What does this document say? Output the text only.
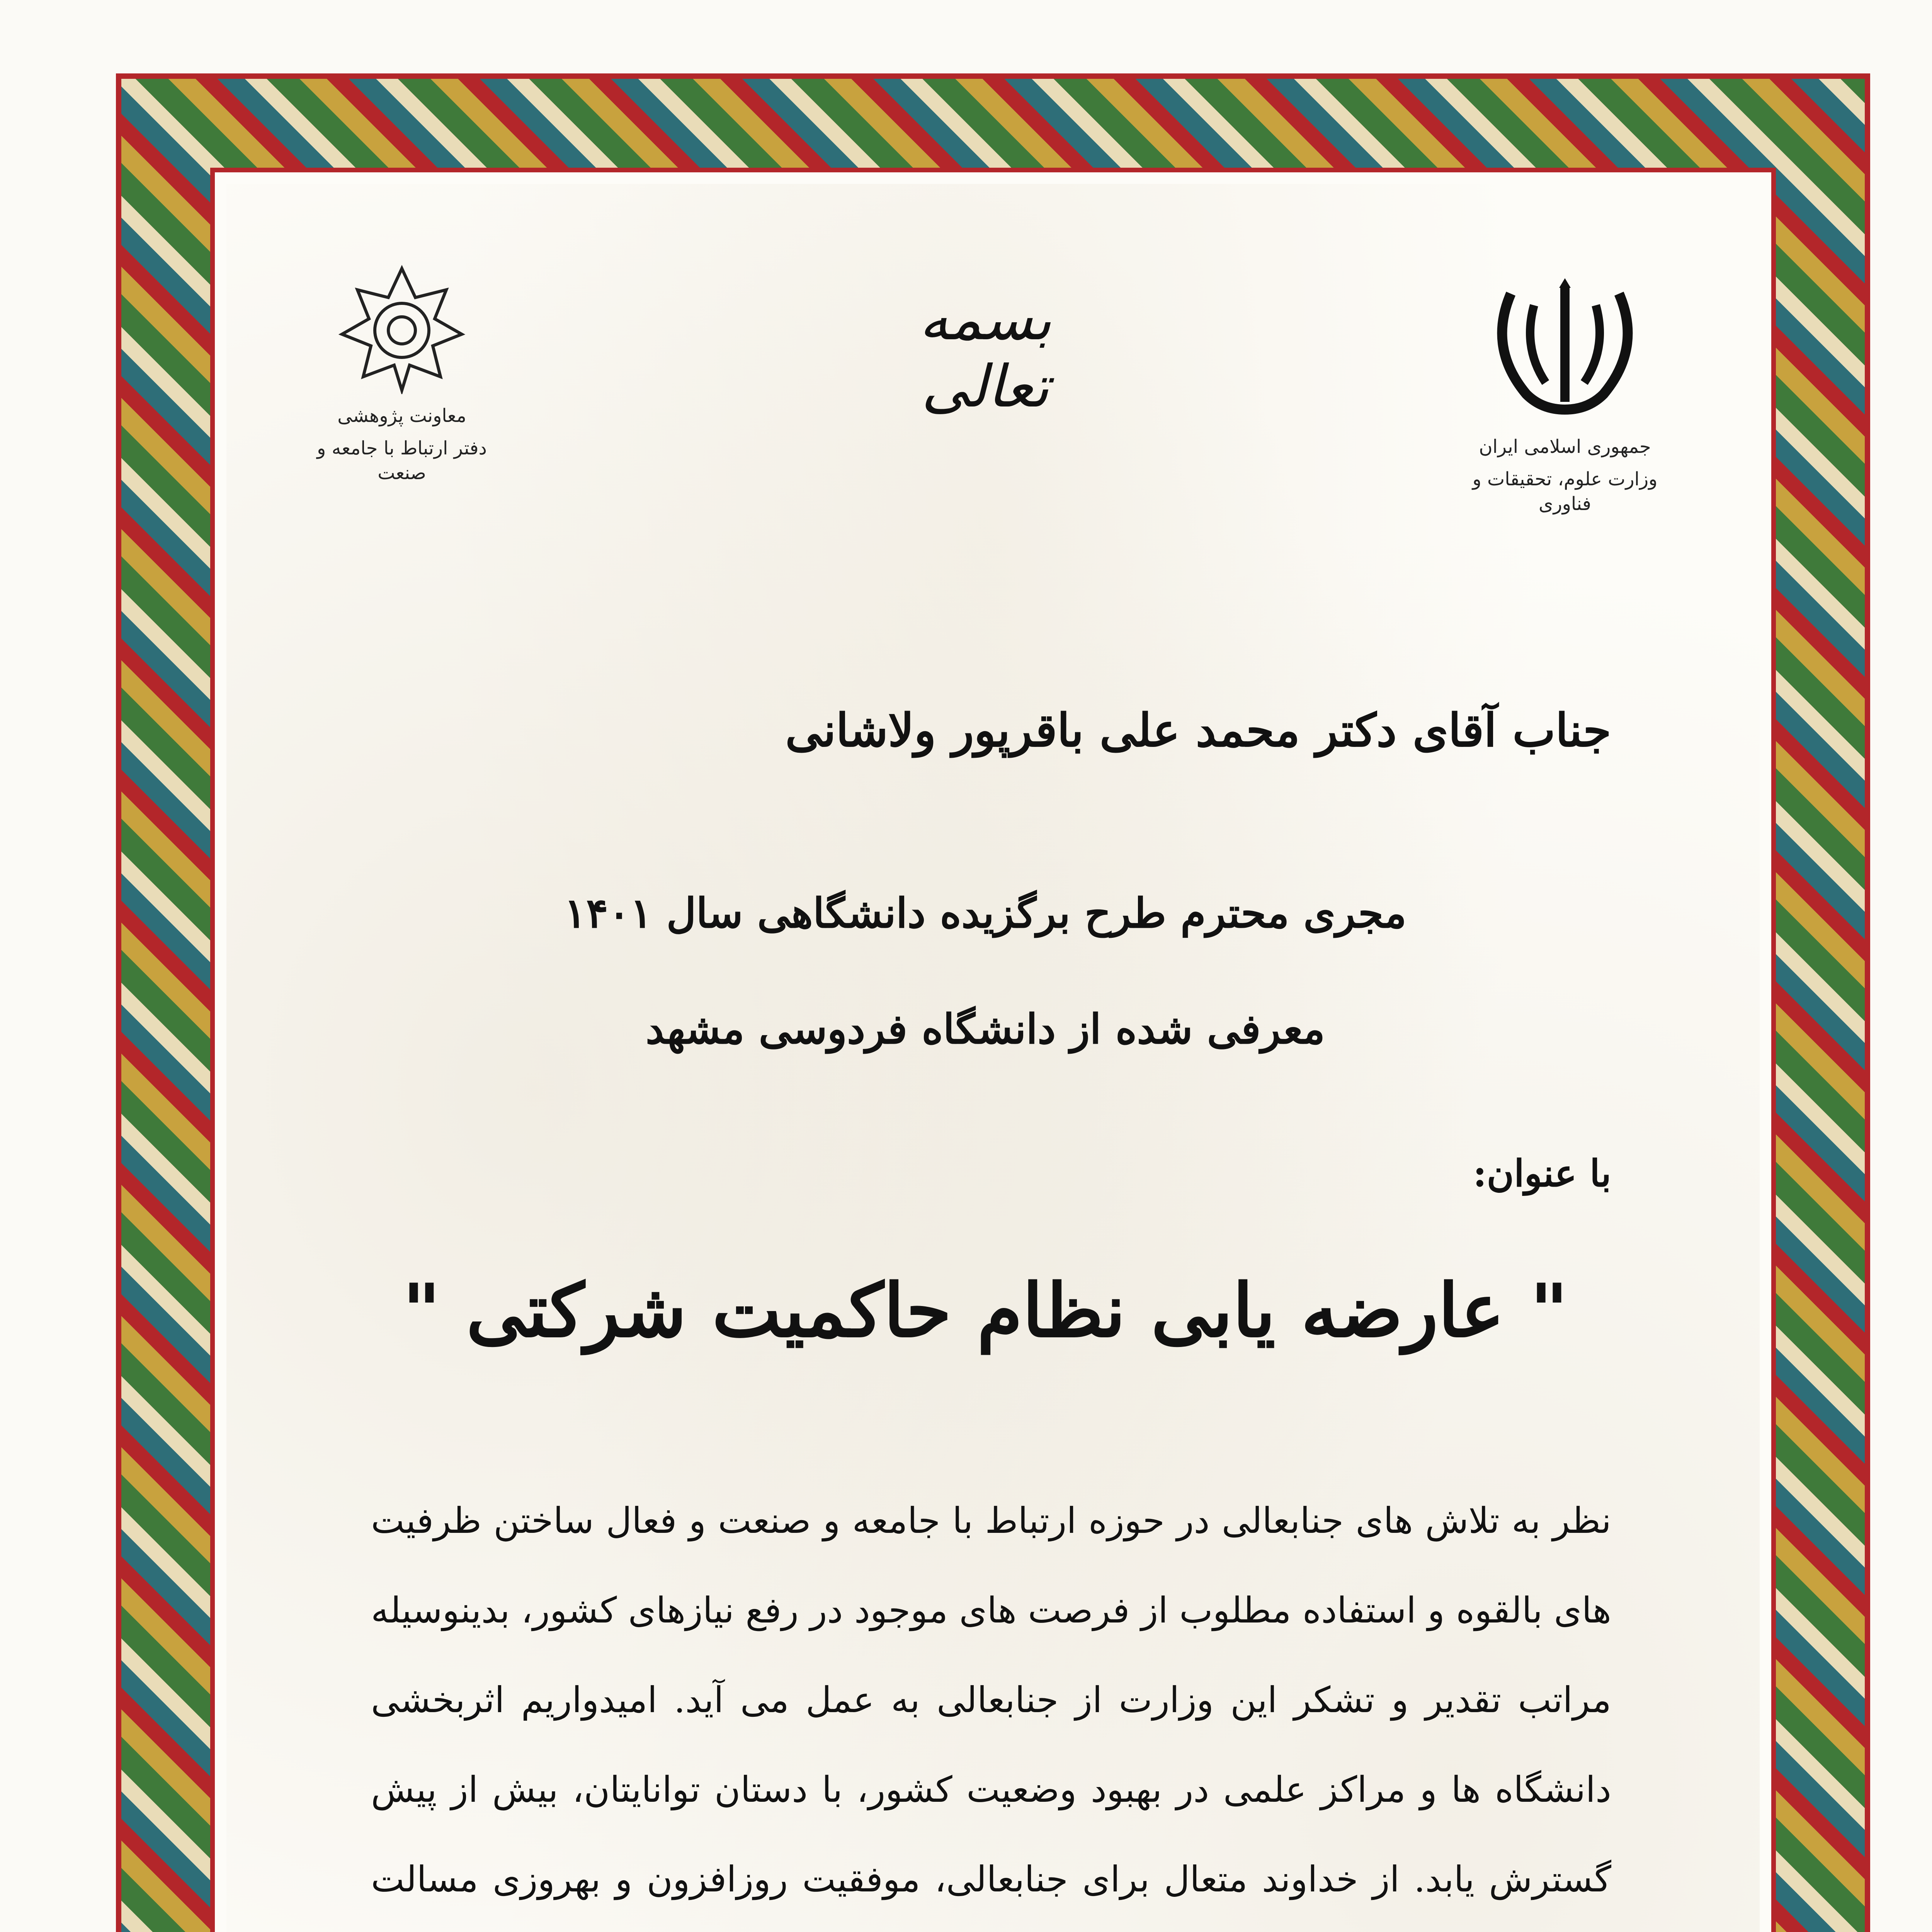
جمهوری اسلامی ایران
وزارت علوم، تحقیقات و فناوری
معاونت پژوهشی
دفتر ارتباط با جامعه و صنعت
بسمه تعالی
جناب آقای دکتر محمد علی باقرپور ولاشانی
مجری محترم طرح برگزیده دانشگاهی سال ۱۴۰۱
معرفی شده از دانشگاه فردوسی مشهد
با عنوان:
" عارضه یابی نظام حاکمیت شرکتی "
نظر به تلاش های جنابعالی در حوزه ارتباط با جامعه و صنعت و فعال ساختن ظرفیت های بالقوه و استفاده مطلوب از فرصت های موجود در رفع نیازهای کشور، بدینوسیله مراتب تقدیر و تشکر این وزارت از جنابعالی به عمل می آید. امیدواریم اثربخشی دانشگاه ها و مراکز علمی در بهبود وضعیت کشور، با دستان توانایتان، بیش از پیش گسترش یابد. از خداوند متعال برای جنابعالی، موفقیت روزافزون و بهروزی مسالت
